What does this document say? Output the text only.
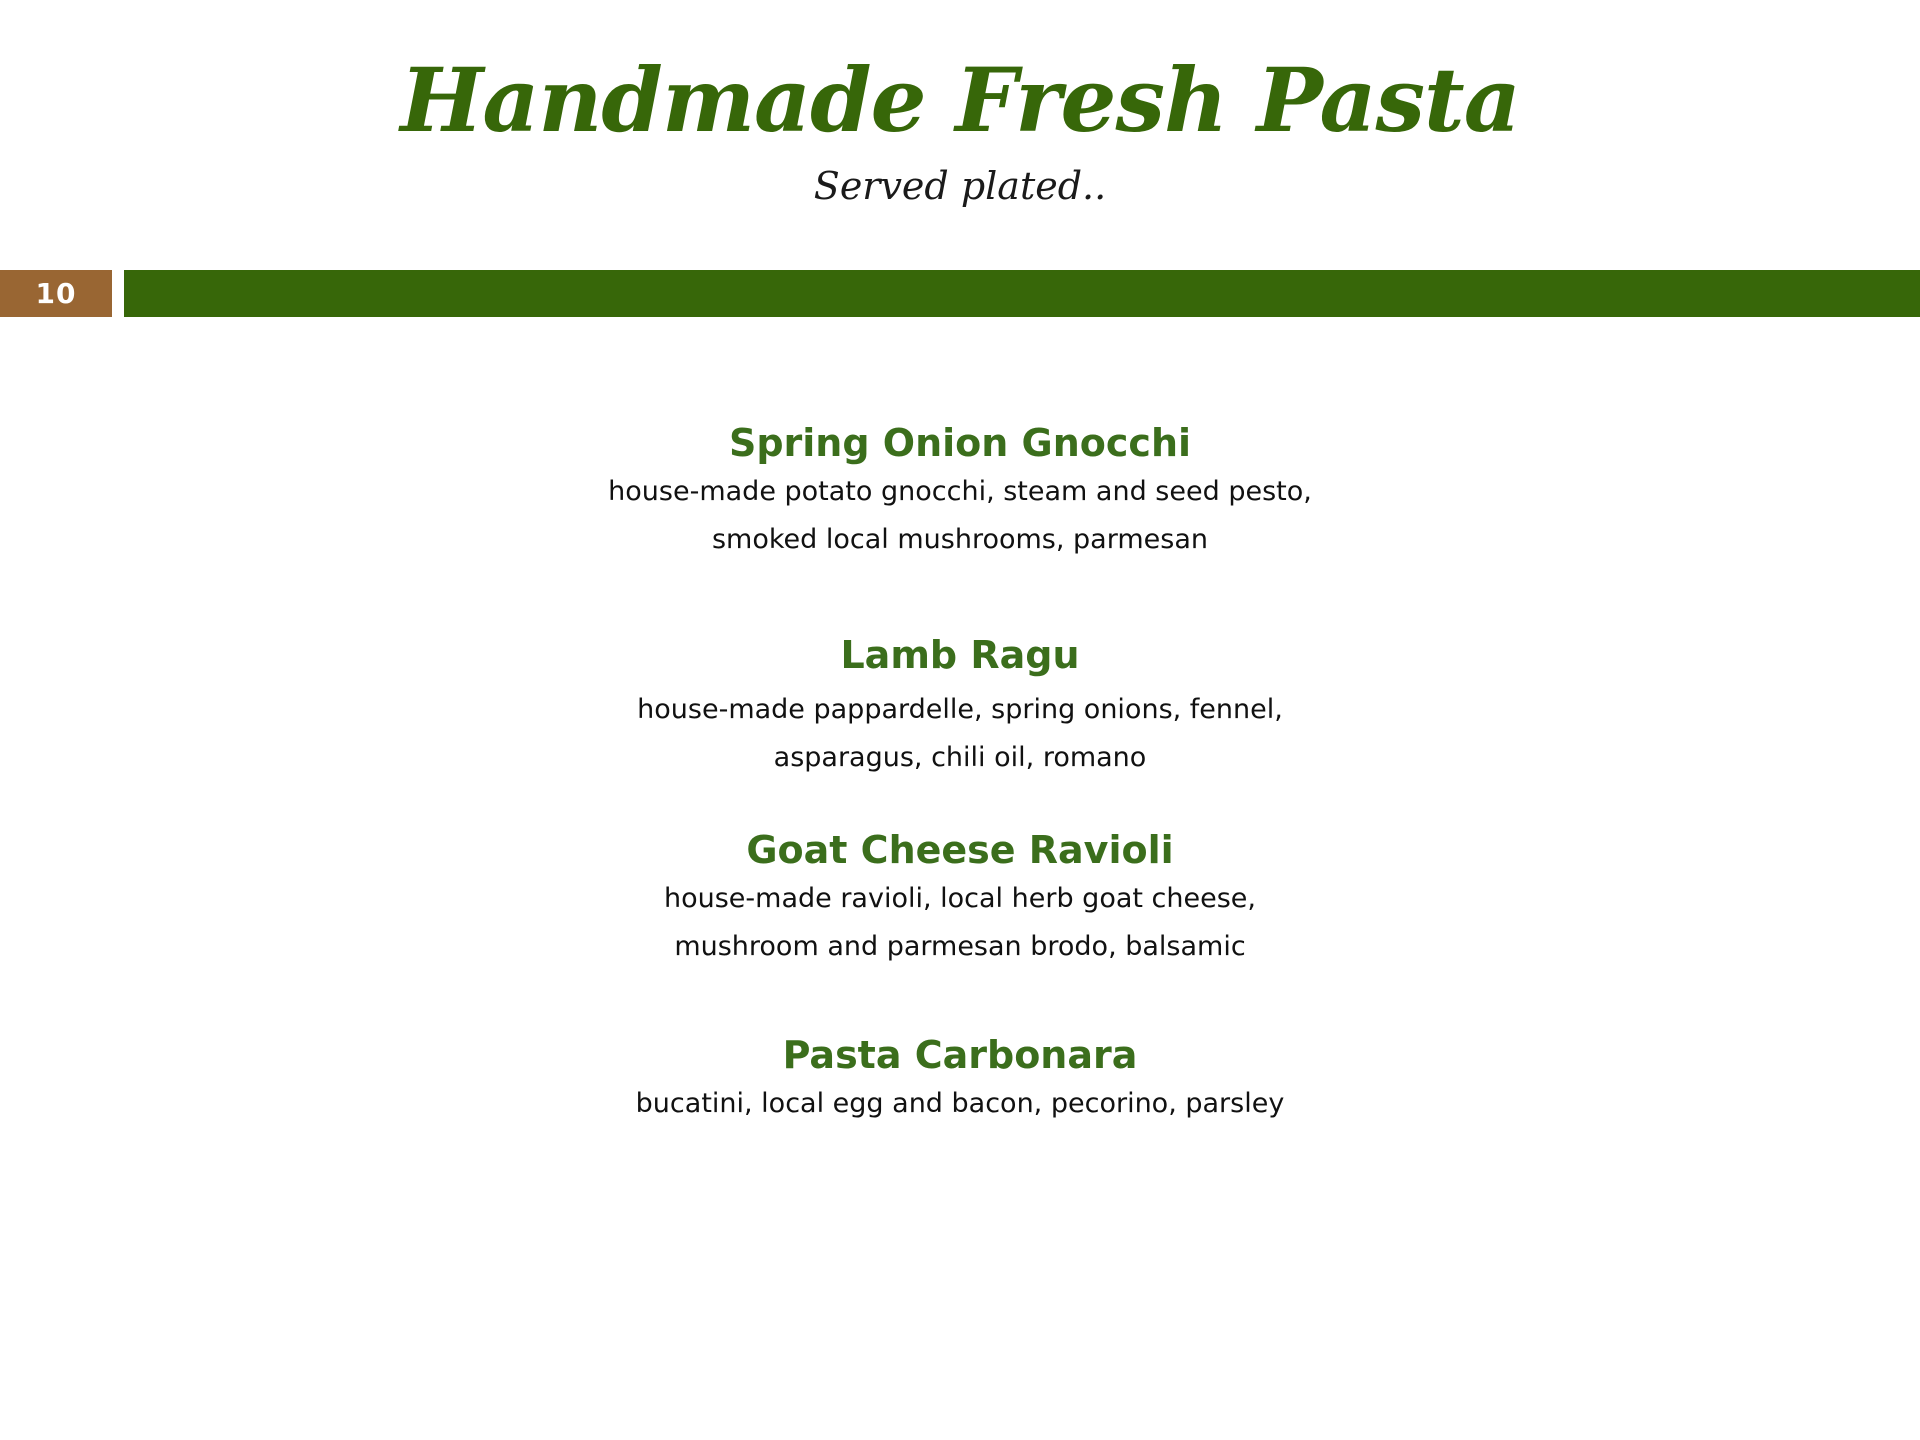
Handmade Fresh Pasta
Served plated..
10
Spring Onion Gnocchi
house-made potato gnocchi, steam and seed pesto,
smoked local mushrooms, parmesan
Lamb Ragu
house-made pappardelle, spring onions, fennel,
asparagus, chili oil, romano
Goat Cheese Ravioli
house-made ravioli, local herb goat cheese,
mushroom and parmesan brodo, balsamic
Pasta Carbonara
bucatini, local egg and bacon, pecorino, parsley
